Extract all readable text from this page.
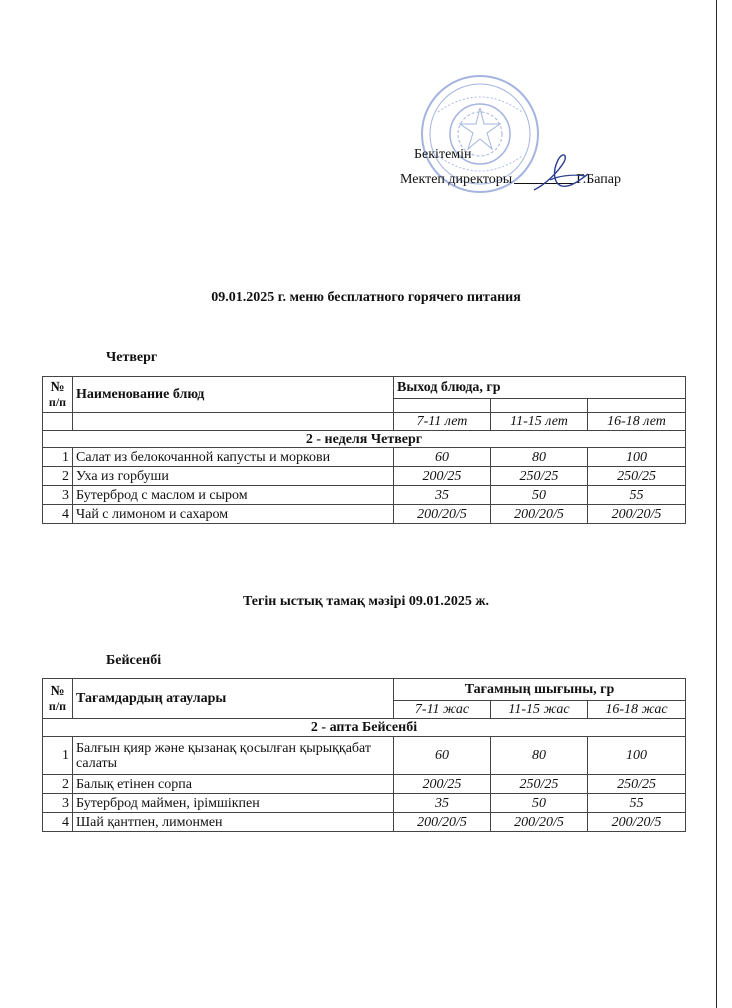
Бекітемін
Мектеп директоры	Г.Бапар
09.01.2025 г. меню бесплатного горячего питания
Четверг
№
п/п	Наименование блюд	Выход блюда, гр		

		7-11 лет	11-15 лет	16-18 лет
2 - неделя Четверг				
1	Салат из белокочанной капусты и моркови	60	80	100
2	Уха из горбуши	200/25	250/25	250/25
3	Бутерброд с маслом и сыром	35	50	55
4	Чай с лимоном и сахаром	200/20/5	200/20/5	200/20/5
Тегін ыстық тамақ мәзірі 09.01.2025 ж.
Бейсенбі
№
п/п	Тағамдардың атаулары	Тағамның шығыны, гр		
		7-11 жас	11-15 жас	16-18 жас
2 - апта Бейсенбі				
1	Балғын қияр және қызанақ қосылған қырыққабат салаты	60	80	100
2	Балық етінен сорпа	200/25	250/25	250/25
3	Бутерброд маймен, ірімшікпен	35	50	55
4	Шай қантпен, лимонмен	200/20/5	200/20/5	200/20/5
